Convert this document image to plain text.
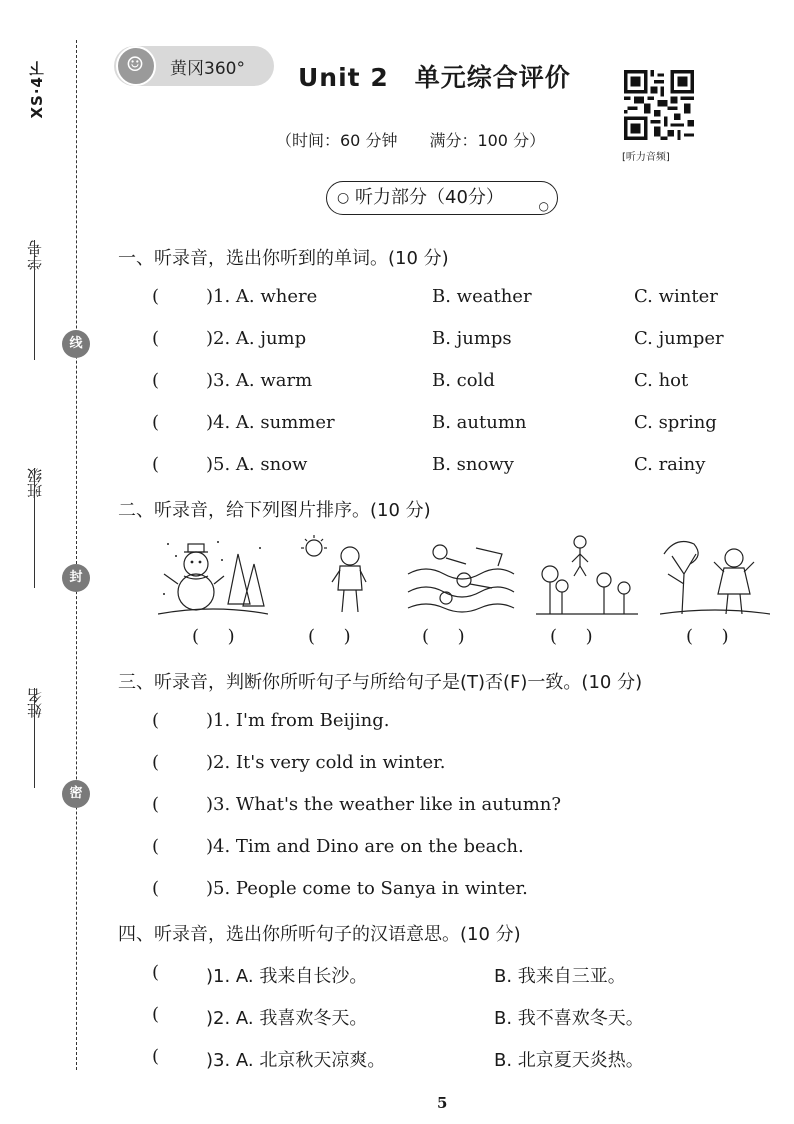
XS·4下
学号
班级
姓名
线
封
密
☺
黄冈360° Unit 2　单元综合评价
（时间：60 分钟　　满分：100 分）
[听力音频]
○ 听力部分（40分）	○
一、听录音，选出你听到的单词。(10 分)
(	)1. A. where	B. weather	C. winter
(	)2. A. jump	B. jumps	C. jumper
(	)3. A. warm	B. cold	C. hot
(	)4. A. summer	B. autumn	C. spring
(	)5. A. snow	B. snowy	C. rainy
二、听录音，给下列图片排序。(10 分)
(     )	(     )	(     )	(     )	(     )
三、听录音，判断你所听句子与所给句子是(T)否(F)一致。(10 分)
(	)1. I'm from Beijing.
(	)2. It's very cold in winter.
(	)3. What's the weather like in autumn?
(	)4. Tim and Dino are on the beach.
(	)5. People come to Sanya in winter.
四、听录音，选出你所听句子的汉语意思。(10 分)
(	)1. A. 我来自长沙。	B. 我来自三亚。
(	)2. A. 我喜欢冬天。	B. 我不喜欢冬天。
(	)3. A. 北京秋天凉爽。	B. 北京夏天炎热。
5
